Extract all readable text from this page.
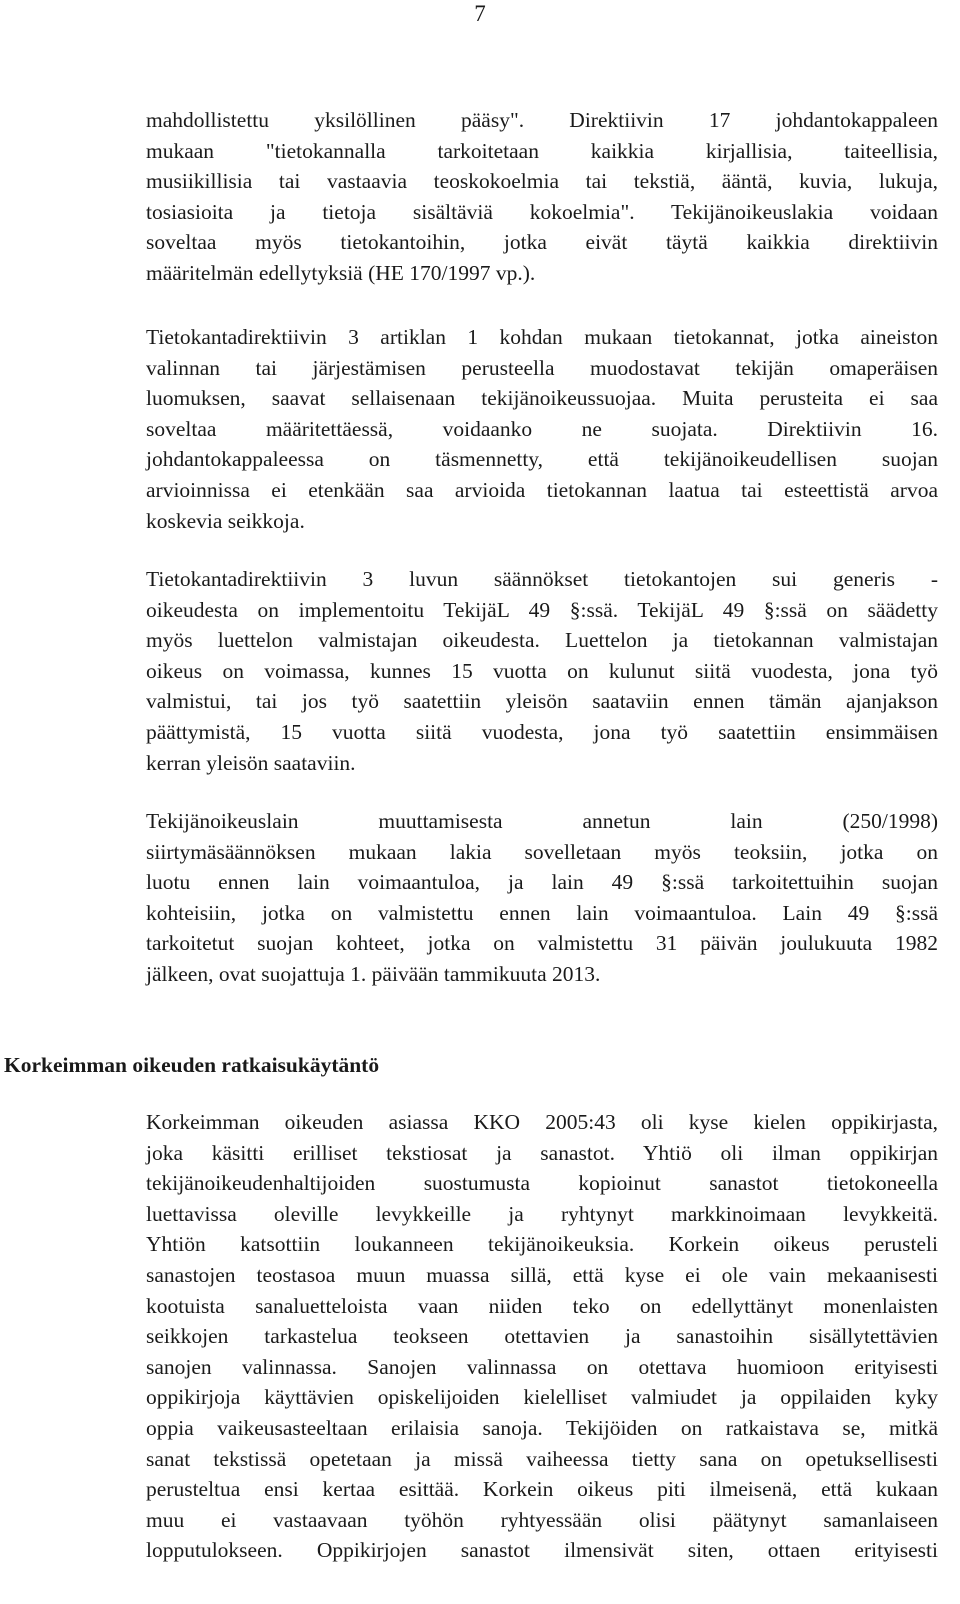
7
mahdollistettu yksilöllinen pääsy". Direktiivin 17 johdantokappaleen
mukaan "tietokannalla tarkoitetaan kaikkia kirjallisia, taiteellisia,
musiikillisia tai vastaavia teoskokoelmia tai tekstiä, ääntä, kuvia, lukuja,
tosiasioita ja tietoja sisältäviä kokoelmia". Tekijänoikeuslakia voidaan
soveltaa myös tietokantoihin, jotka eivät täytä kaikkia direktiivin
määritelmän edellytyksiä (HE 170/1997 vp.).
Tietokantadirektiivin 3 artiklan 1 kohdan mukaan tietokannat, jotka aineiston
valinnan tai järjestämisen perusteella muodostavat tekijän omaperäisen
luomuksen, saavat sellaisenaan tekijänoikeussuojaa. Muita perusteita ei saa
soveltaa määritettäessä, voidaanko ne suojata. Direktiivin 16.
johdantokappaleessa on täsmennetty, että tekijänoikeudellisen suojan
arvioinnissa ei etenkään saa arvioida tietokannan laatua tai esteettistä arvoa
koskevia seikkoja.
Tietokantadirektiivin 3 luvun säännökset tietokantojen sui generis -
oikeudesta on implementoitu TekijäL 49 §:ssä. TekijäL 49 §:ssä on säädetty
myös luettelon valmistajan oikeudesta. Luettelon ja tietokannan valmistajan
oikeus on voimassa, kunnes 15 vuotta on kulunut siitä vuodesta, jona työ
valmistui, tai jos työ saatettiin yleisön saataviin ennen tämän ajanjakson
päättymistä, 15 vuotta siitä vuodesta, jona työ saatettiin ensimmäisen
kerran yleisön saataviin.
Tekijänoikeuslain muuttamisesta annetun lain (250/1998)
siirtymäsäännöksen mukaan lakia sovelletaan myös teoksiin, jotka on
luotu ennen lain voimaantuloa, ja lain 49 §:ssä tarkoitettuihin suojan
kohteisiin, jotka on valmistettu ennen lain voimaantuloa. Lain 49 §:ssä
tarkoitetut suojan kohteet, jotka on valmistettu 31 päivän joulukuuta 1982
jälkeen, ovat suojattuja 1. päivään tammikuuta 2013.
Korkeimman oikeuden ratkaisukäytäntö
Korkeimman oikeuden asiassa KKO 2005:43 oli kyse kielen oppikirjasta,
joka käsitti erilliset tekstiosat ja sanastot. Yhtiö oli ilman oppikirjan
tekijänoikeudenhaltijoiden suostumusta kopioinut sanastot tietokoneella
luettavissa oleville levykkeille ja ryhtynyt markkinoimaan levykkeitä.
Yhtiön katsottiin loukanneen tekijänoikeuksia. Korkein oikeus perusteli
sanastojen teostasoa muun muassa sillä, että kyse ei ole vain mekaanisesti
kootuista sanaluetteloista vaan niiden teko on edellyttänyt monenlaisten
seikkojen tarkastelua teokseen otettavien ja sanastoihin sisällytettävien
sanojen valinnassa. Sanojen valinnassa on otettava huomioon erityisesti
oppikirjoja käyttävien opiskelijoiden kielelliset valmiudet ja oppilaiden kyky
oppia vaikeusasteeltaan erilaisia sanoja. Tekijöiden on ratkaistava se, mitkä
sanat tekstissä opetetaan ja missä vaiheessa tietty sana on opetuksellisesti
perusteltua ensi kertaa esittää. Korkein oikeus piti ilmeisenä, että kukaan
muu ei vastaavaan työhön ryhtyessään olisi päätynyt samanlaiseen
lopputulokseen. Oppikirjojen sanastot ilmensivät siten, ottaen erityisesti
